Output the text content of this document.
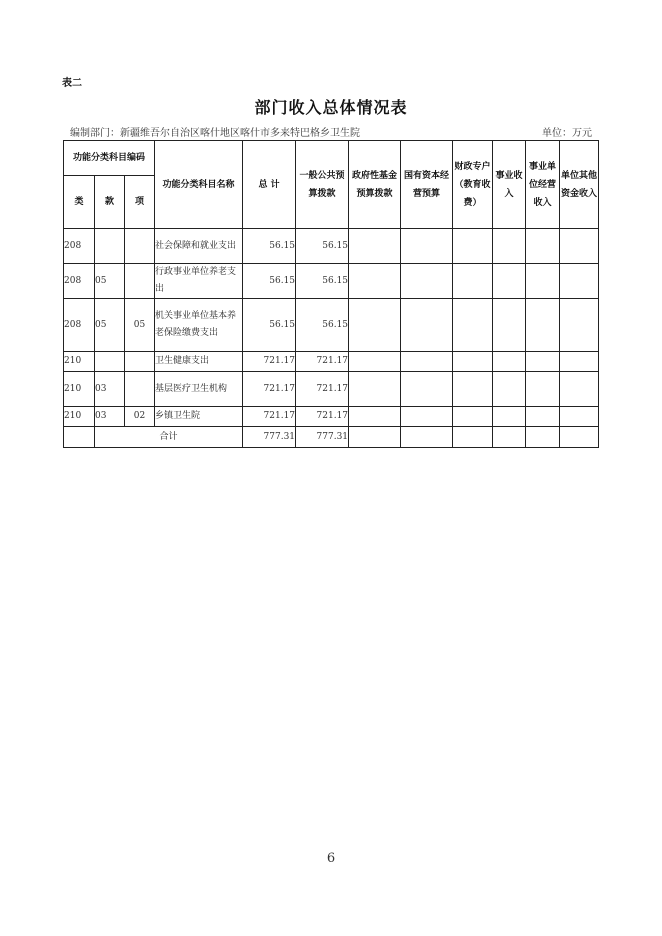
表二
部门收入总体情况表
编制部门：新疆维吾尔自治区喀什地区喀什市多来特巴格乡卫生院	单位：万元
功能分类科目编码			功能分类科目名称	总 计	一般公共预算拨款	政府性基金预算拨款	国有资本经营预算	财政专户（教育收费）	事业收入	事业单位经营收入	单位其他资金收入
类	款	项									
208			社会保障和就业支出	56.15	56.15						
208	05		行政事业单位养老支出	56.15	56.15						
208	05	05	机关事业单位基本养老保险缴费支出	56.15	56.15						
210			卫生健康支出	721.17	721.17						
210	03		基层医疗卫生机构	721.17	721.17						
210	03	02	乡镇卫生院	721.17	721.17						
	合计			777.31	777.31						
6
